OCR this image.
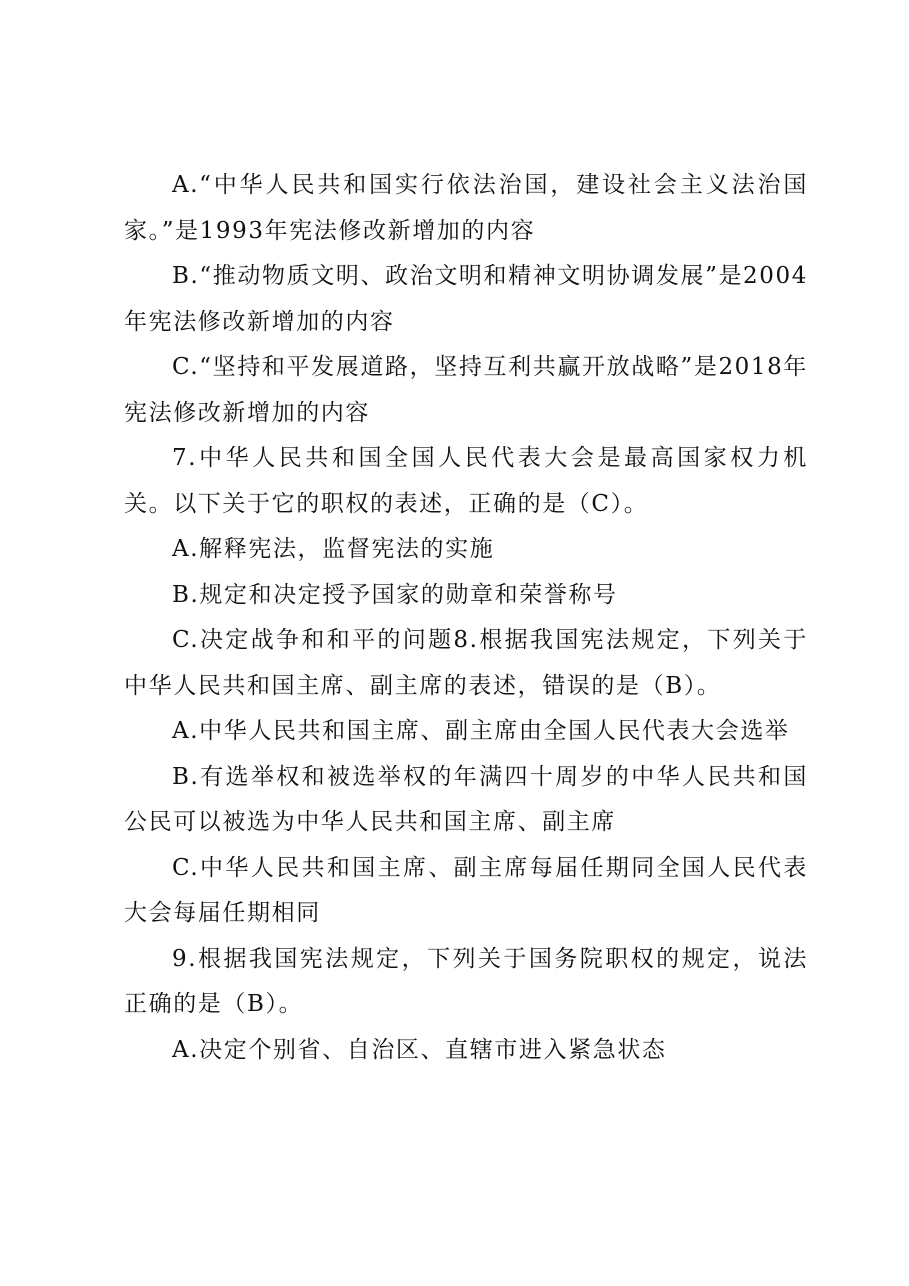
A.“中华人民共和国实行依法治国，建设社会主义法治国家。”是1993年宪法修改新增加的内容

B.“推动物质文明、政治文明和精神文明协调发展”是2004年宪法修改新增加的内容

C.“坚持和平发展道路，坚持互利共赢开放战略”是2018年宪法修改新增加的内容

7.中华人民共和国全国人民代表大会是最高国家权力机关。以下关于它的职权的表述，正确的是（C）。

A.解释宪法，监督宪法的实施

B.规定和决定授予国家的勋章和荣誉称号

C.决定战争和和平的问题8.根据我国宪法规定，下列关于中华人民共和国主席、副主席的表述，错误的是（B）。

A.中华人民共和国主席、副主席由全国人民代表大会选举

B.有选举权和被选举权的年满四十周岁的中华人民共和国公民可以被选为中华人民共和国主席、副主席

C.中华人民共和国主席、副主席每届任期同全国人民代表大会每届任期相同

9.根据我国宪法规定，下列关于国务院职权的规定，说法正确的是（B）。

A.决定个别省、自治区、直辖市进入紧急状态
